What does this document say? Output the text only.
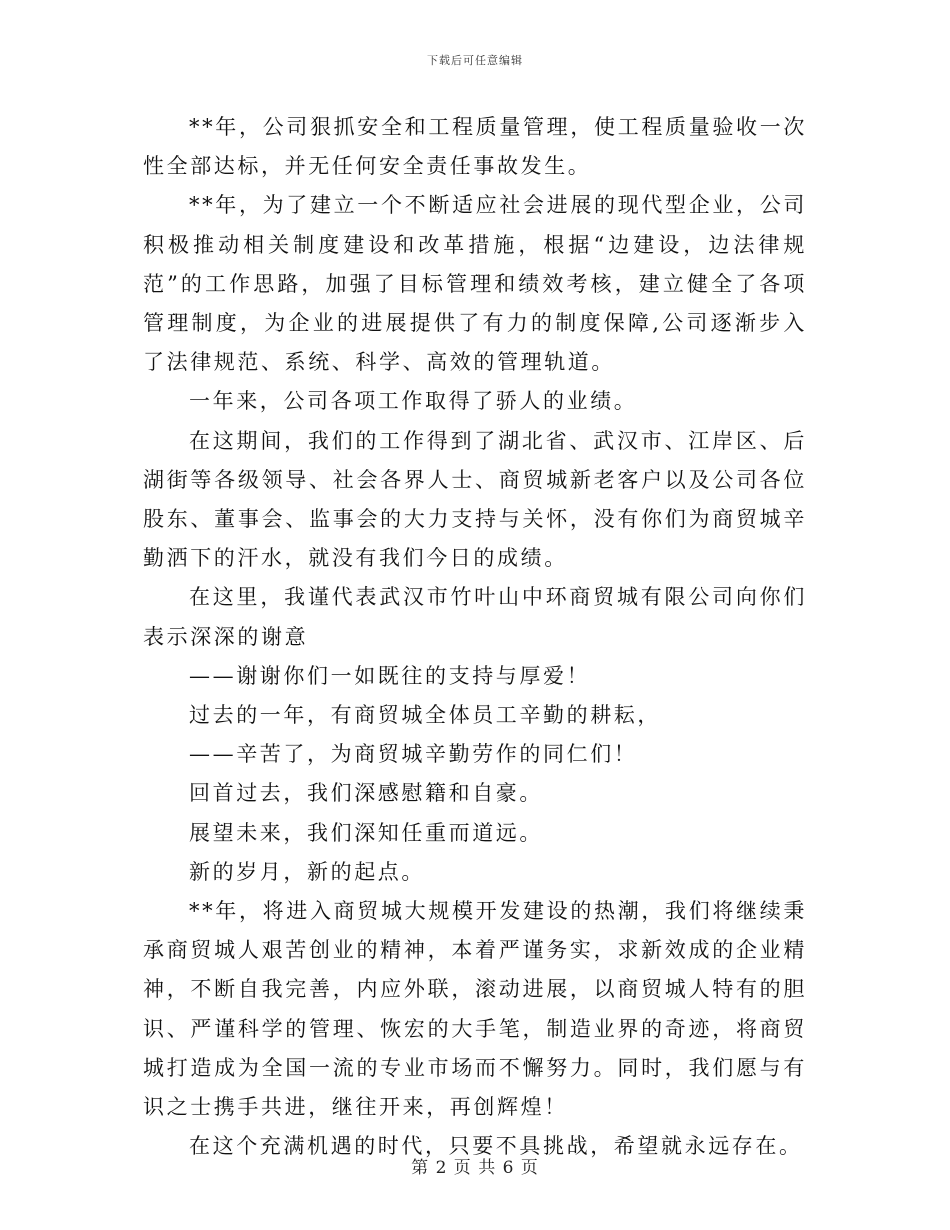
下载后可任意编辑

**年，公司狠抓安全和工程质量管理，使工程质量验收一次性全部达标，并无任何安全责任事故发生。

**年，为了建立一个不断适应社会进展的现代型企业，公司积极推动相关制度建设和改革措施，根据“边建设，边法律规范”的工作思路，加强了目标管理和绩效考核，建立健全了各项管理制度，为企业的进展提供了有力的制度保障,公司逐渐步入了法律规范、系统、科学、高效的管理轨道。

一年来，公司各项工作取得了骄人的业绩。

在这期间，我们的工作得到了湖北省、武汉市、江岸区、后湖街等各级领导、社会各界人士、商贸城新老客户以及公司各位股东、董事会、监事会的大力支持与关怀，没有你们为商贸城辛勤洒下的汗水，就没有我们今日的成绩。

在这里，我谨代表武汉市竹叶山中环商贸城有限公司向你们表示深深的谢意

——谢谢你们一如既往的支持与厚爱！

过去的一年，有商贸城全体员工辛勤的耕耘，

——辛苦了，为商贸城辛勤劳作的同仁们！

回首过去，我们深感慰籍和自豪。

展望未来，我们深知任重而道远。

新的岁月，新的起点。

**年，将进入商贸城大规模开发建设的热潮，我们将继续秉承商贸城人艰苦创业的精神，本着严谨务实，求新效成的企业精神，不断自我完善，内应外联，滚动进展，以商贸城人特有的胆识、严谨科学的管理、恢宏的大手笔，制造业界的奇迹，将商贸城打造成为全国一流的专业市场而不懈努力。同时，我们愿与有识之士携手共进，继往开来，再创辉煌！

在这个充满机遇的时代，只要不具挑战，希望就永远存在。

第 2 页 共 6 页
